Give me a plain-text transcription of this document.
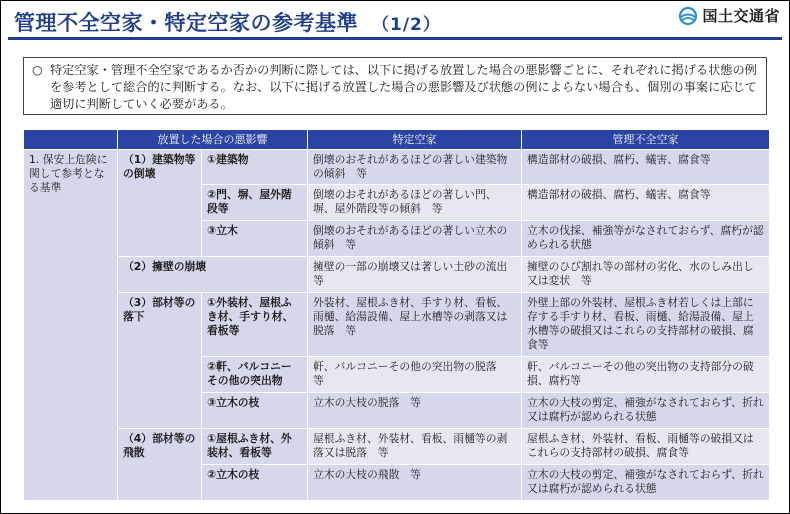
管理不全空家・特定空家の参考基準 （1/2）	国土交通省
○ 特定空家・管理不全空家であるか否かの判断に際しては、以下に掲げる放置した場合の悪影響ごとに、それぞれに掲げる状態の例を参考として総合的に判断する。なお、以下に掲げる放置した場合の悪影響及び状態の例によらない場合も、個別の事案に応じて適切に判断していく必要がある。
	放置した場合の悪影響		特定空家	管理不全空家
1. 保安上危険に関して参考となる基準	（1）建築物等の倒壊	①建築物	倒壊のおそれがあるほどの著しい建築物の傾斜　等	構造部材の破損、腐朽、蟻害、腐食等
		②門、塀、屋外階段等	倒壊のおそれがあるほどの著しい門、塀、屋外階段等の傾斜　等	構造部材の破損、腐朽、蟻害、腐食等
		③立木	倒壊のおそれがあるほどの著しい立木の傾斜　等	立木の伐採、補強等がなされておらず、腐朽が認められる状態
	（2）擁壁の崩壊		擁壁の一部の崩壊又は著しい土砂の流出　等	擁壁のひび割れ等の部材の劣化、水のしみ出し又は変状　等
	（3）部材等の落下	①外装材、屋根ふき材、手すり材、看板等	外装材、屋根ふき材、手すり材、看板、雨樋、給湯設備、屋上水槽等の剥落又は脱落　等	外壁上部の外装材、屋根ふき材若しくは上部に存する手すり材、看板、雨樋、給湯設備、屋上水槽等の破損又はこれらの支持部材の破損、腐食等
		②軒、バルコニーその他の突出物	軒、バルコニーその他の突出物の脱落　等	軒、バルコニーその他の突出物の支持部分の破損、腐朽等
		③立木の枝	立木の大枝の脱落　等	立木の大枝の剪定、補強がなされておらず、折れ又は腐朽が認められる状態
	（4）部材等の飛散	①屋根ふき材、外装材、看板等	屋根ふき材、外装材、看板、雨樋等の剥落又は脱落　等	屋根ふき材、外装材、看板、雨樋等の破損又はこれらの支持部材の破損、腐食等
		②立木の枝	立木の大枝の飛散　等	立木の大枝の剪定、補強がなされておらず、折れ又は腐朽が認められる状態
